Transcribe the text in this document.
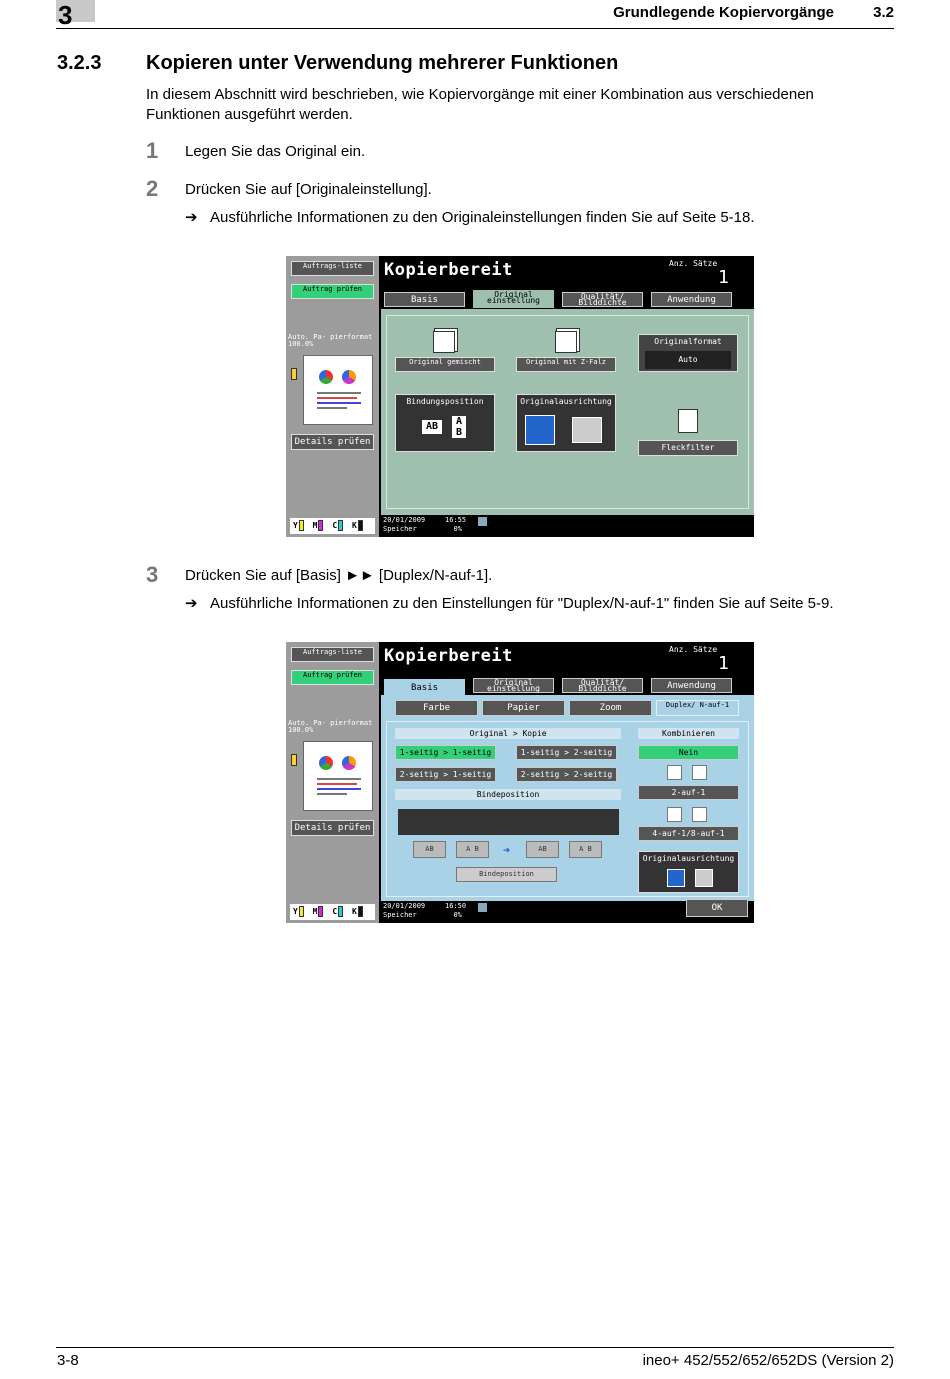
3	Grundlegende Kopiervorgänge	3.2
3.2.3 Kopieren unter Verwendung mehrerer Funktionen
In diesem Abschnitt wird beschrieben, wie Kopiervorgänge mit einer Kombination aus verschiedenen Funktionen ausgeführt werden.
1 Legen Sie das Original ein.
2 Drücken Sie auf [Originaleinstellung].
➔ Ausführliche Informationen zu den Originaleinstellungen finden Sie auf Seite 5-18.
Auftrags-liste
Auftrag prüfen
Auto. Pa- pierformat 100.0%
Details prüfen
Y M C K
Kopierbereit	Anz. Sätze
1
Basis
Original einstellung	Qualität/ Bilddichte	Anwendung
Original gemischt	Original mit Z-Falz
Originalformat
Auto
Bindungsposition
AB	A
B
Originalausrichtung
Fleckfilter
20/01/2009
Speicher
16:55
0%
3 Drücken Sie auf [Basis] ►► [Duplex/N-auf-1].
➔ Ausführliche Informationen zu den Einstellungen für "Duplex/N-auf-1" finden Sie auf Seite 5-9.
Auftrags-liste
Auftrag prüfen
Auto. Pa- pierformat 100.0%
Details prüfen
Y M C K
Kopierbereit	Anz. Sätze
1
Basis
Original einstellung
Qualität/ Bilddichte	Anwendung
Farbe	Papier	Zoom	Duplex/ N-auf-1
Original > Kopie
1-seitig > 1-seitig	1-seitig > 2-seitig
2-seitig > 1-seitig	2-seitig > 2-seitig
Bindeposition
AB	A B	➔	AB	A B
Bindeposition
Kombinieren
Nein
2-auf-1
4-auf-1/8-auf-1
Originalausrichtung
20/01/2009
Speicher
16:50
0%
OK
3-8	ineo+ 452/552/652/652DS (Version 2)
